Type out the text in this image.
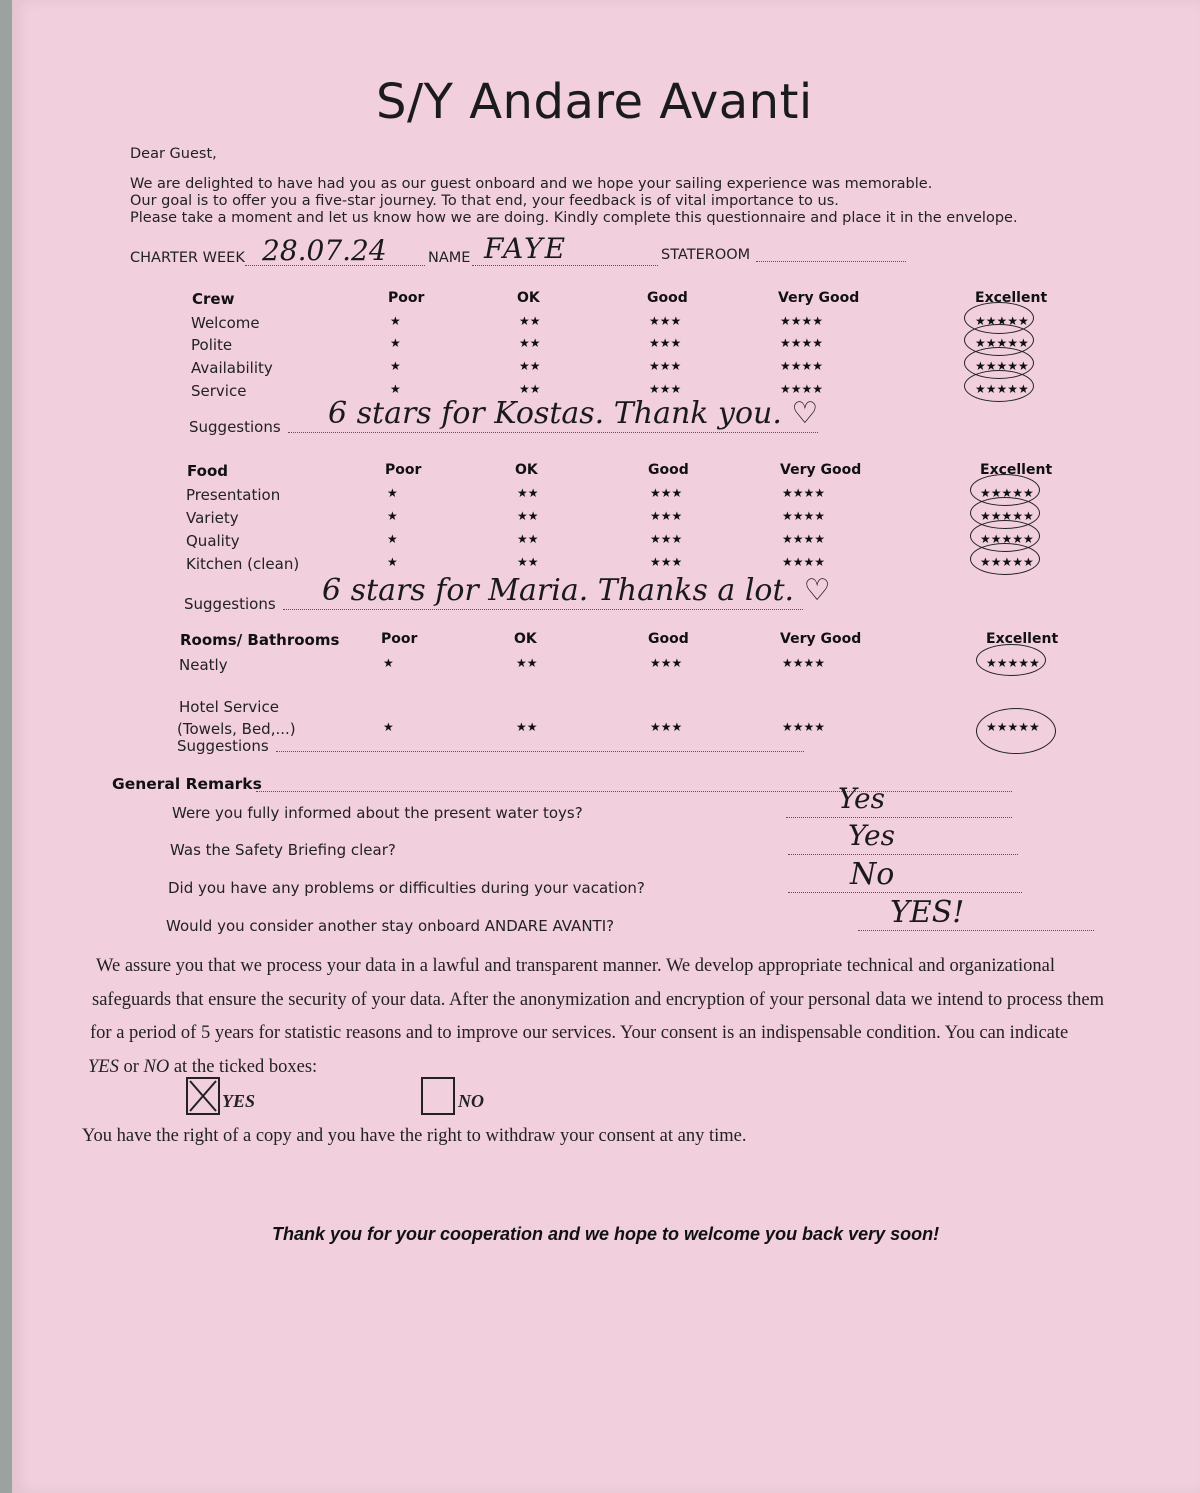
S/Y Andare Avanti
Dear Guest,
We are delighted to have had you as our guest onboard and we hope your sailing experience was memorable.
Our goal is to offer you a five-star journey. To that end, your feedback is of vital importance to us.
Please take a moment and let us know how we are doing. Kindly complete this questionnaire and place it in the envelope.
CHARTER WEEK 28.07.24	NAME FAYE	STATEROOM
Crew	Poor	OK	Good	Very Good	Excellent
Welcome	★	★★	★★★	★★★★	★★★★★
Polite	★	★★	★★★	★★★★	★★★★★
Availability	★	★★	★★★	★★★★	★★★★★
Service	★	★★	★★★	★★★★	★★★★★
Suggestions 6 stars for Kostas. Thank you. ♡
Food	Poor	OK	Good	Very Good	Excellent
Presentation	★	★★	★★★	★★★★	★★★★★
Variety	★	★★	★★★	★★★★	★★★★★
Quality	★	★★	★★★	★★★★	★★★★★
Kitchen (clean)	★	★★	★★★	★★★★	★★★★★
Suggestions 6 stars for Maria. Thanks a lot. ♡
Rooms/ Bathrooms	Poor	OK	Good	Very Good	Excellent
Neatly	★	★★	★★★	★★★★	★★★★★
Hotel Service
(Towels, Bed,...)	★	★★	★★★	★★★★	★★★★★
Suggestions
General Remarks
Were you fully informed about the present water toys?	Yes
Was the Safety Briefing clear?	Yes
Did you have any problems or difficulties during your vacation?	No
Would you consider another stay onboard ANDARE AVANTI?	YES!
We assure you that we process your data in a lawful and transparent manner. We develop appropriate technical and organizational
safeguards that ensure the security of your data. After the anonymization and encryption of your personal data we intend to process them
for a period of 5 years for statistic reasons and to improve our services. Your consent is an indispensable condition. You can indicate
YES or NO at the ticked boxes:
YES	NO
You have the right of a copy and you have the right to withdraw your consent at any time.
Thank you for your cooperation and we hope to welcome you back very soon!
